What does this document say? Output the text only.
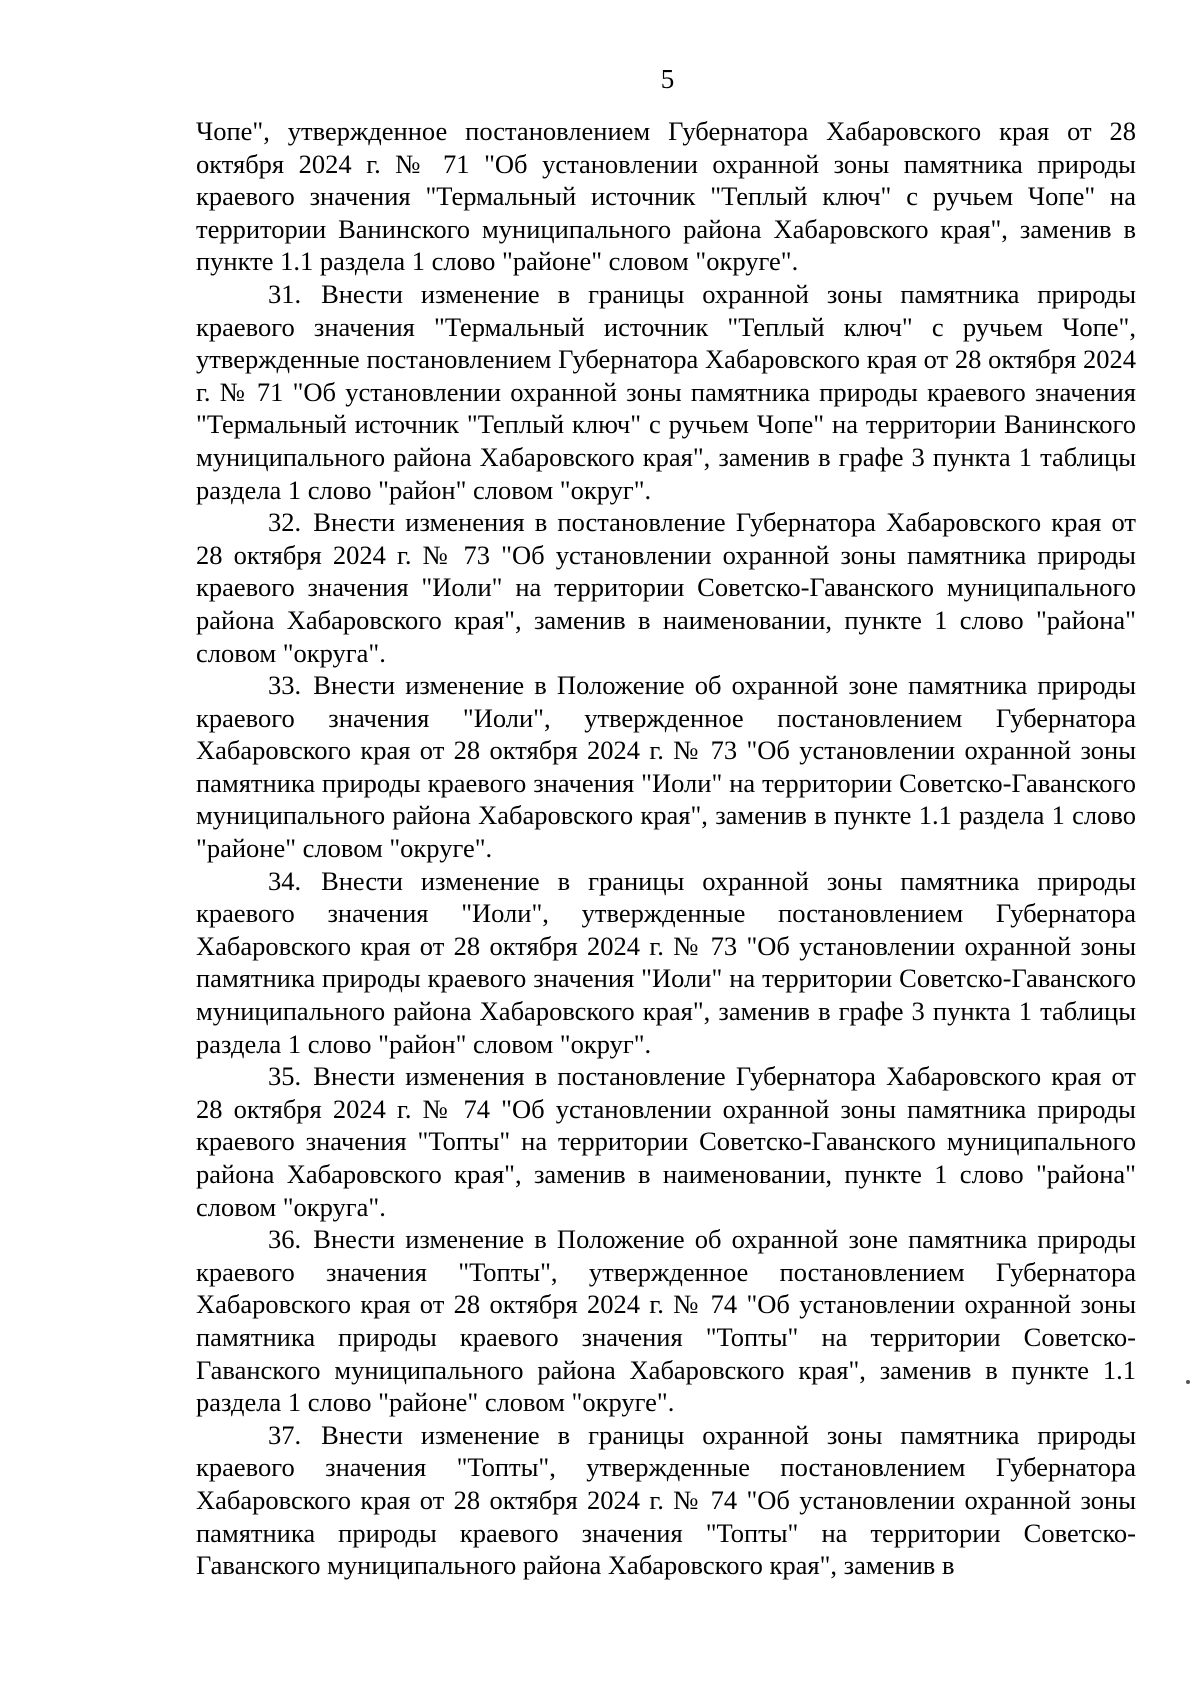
5

Чопе", утвержденное постановлением Губернатора Хабаровского края от 28 октября 2024 г. № 71 "Об установлении охранной зоны памятника природы краевого значения "Термальный источник "Теплый ключ" с ручьем Чопе" на территории Ванинского муниципального района Хабаровского края", заменив в пункте 1.1 раздела 1 слово "районе" словом "округе".

31. Внести изменение в границы охранной зоны памятника природы краевого значения "Термальный источник "Теплый ключ" с ручьем Чопе", утвержденные постановлением Губернатора Хабаровского края от 28 октября 2024 г. № 71 "Об установлении охранной зоны памятника природы краевого значения "Термальный источник "Теплый ключ" с ручьем Чопе" на территории Ванинского муниципального района Хабаровского края", заменив в графе 3 пункта 1 таблицы раздела 1 слово "район" словом "округ".

32. Внести изменения в постановление Губернатора Хабаровского края от 28 октября 2024 г. № 73 "Об установлении охранной зоны памятника природы краевого значения "Иоли" на территории Советско-Гаванского муниципального района Хабаровского края", заменив в наименовании, пункте 1 слово "района" словом "округа".

33. Внести изменение в Положение об охранной зоне памятника природы краевого значения "Иоли", утвержденное постановлением Губернатора Хабаровского края от 28 октября 2024 г. № 73 "Об установлении охранной зоны памятника природы краевого значения "Иоли" на территории Советско-Гаванского муниципального района Хабаровского края", заменив в пункте 1.1 раздела 1 слово "районе" словом "округе".

34. Внести изменение в границы охранной зоны памятника природы краевого значения "Иоли", утвержденные постановлением Губернатора Хабаровского края от 28 октября 2024 г. № 73 "Об установлении охранной зоны памятника природы краевого значения "Иоли" на территории Советско-Гаванского муниципального района Хабаровского края", заменив в графе 3 пункта 1 таблицы раздела 1 слово "район" словом "округ".

35. Внести изменения в постановление Губернатора Хабаровского края от 28 октября 2024 г. № 74 "Об установлении охранной зоны памятника природы краевого значения "Топты" на территории Советско-Гаванского муниципального района Хабаровского края", заменив в наименовании, пункте 1 слово "района" словом "округа".

36. Внести изменение в Положение об охранной зоне памятника природы краевого значения "Топты", утвержденное постановлением Губернатора Хабаровского края от 28 октября 2024 г. № 74 "Об установлении охранной зоны памятника природы краевого значения "Топты" на территории Советско-Гаванского муниципального района Хабаровского края", заменив в пункте 1.1 раздела 1 слово "районе" словом "округе".

37. Внести изменение в границы охранной зоны памятника природы краевого значения "Топты", утвержденные постановлением Губернатора Хабаровского края от 28 октября 2024 г. № 74 "Об установлении охранной зоны памятника природы краевого значения "Топты" на территории Советско-Гаванского муниципального района Хабаровского края", заменив в
